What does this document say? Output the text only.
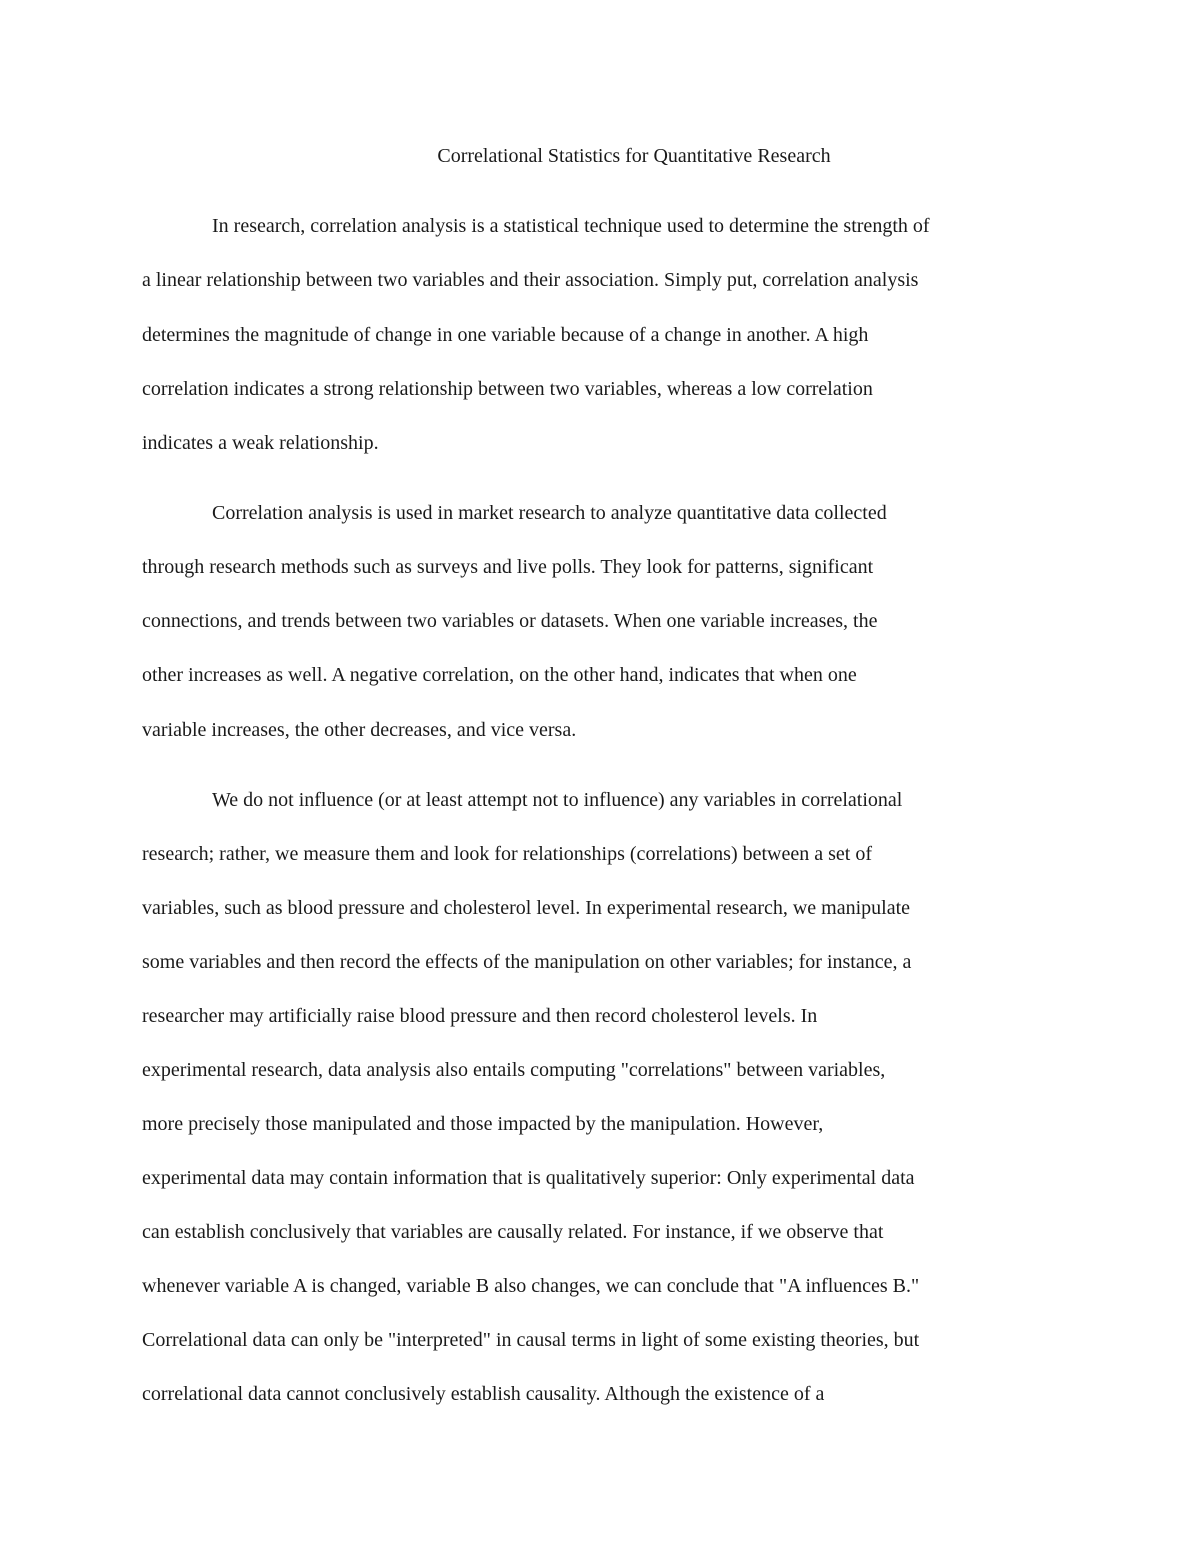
Correlational Statistics for Quantitative Research

In research, correlation analysis is a statistical technique used to determine the strength of

a linear relationship between two variables and their association. Simply put, correlation analysis

determines the magnitude of change in one variable because of a change in another. A high

correlation indicates a strong relationship between two variables, whereas a low correlation

indicates a weak relationship.

Correlation analysis is used in market research to analyze quantitative data collected

through research methods such as surveys and live polls. They look for patterns, significant

connections, and trends between two variables or datasets. When one variable increases, the

other increases as well. A negative correlation, on the other hand, indicates that when one

variable increases, the other decreases, and vice versa.

We do not influence (or at least attempt not to influence) any variables in correlational

research; rather, we measure them and look for relationships (correlations) between a set of

variables, such as blood pressure and cholesterol level. In experimental research, we manipulate

some variables and then record the effects of the manipulation on other variables; for instance, a

researcher may artificially raise blood pressure and then record cholesterol levels. In

experimental research, data analysis also entails computing "correlations" between variables,

more precisely those manipulated and those impacted by the manipulation. However,

experimental data may contain information that is qualitatively superior: Only experimental data

can establish conclusively that variables are causally related. For instance, if we observe that

whenever variable A is changed, variable B also changes, we can conclude that "A influences B."

Correlational data can only be "interpreted" in causal terms in light of some existing theories, but

correlational data cannot conclusively establish causality. Although the existence of a
